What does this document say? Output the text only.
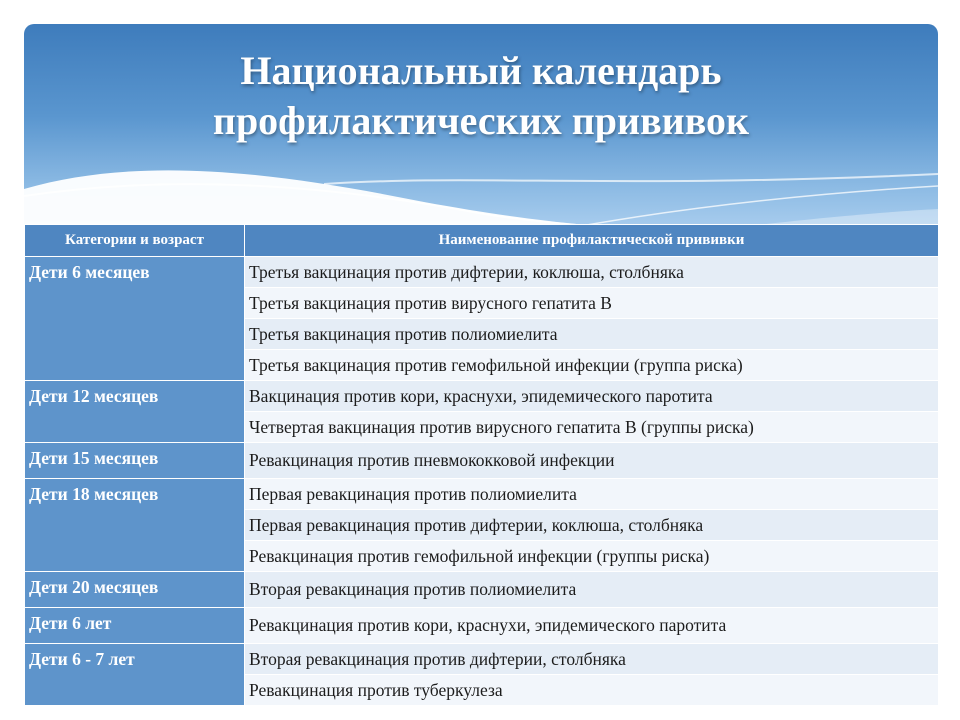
Национальный календарь
профилактических прививок
Категории и возраст	Наименование профилактической прививки
Дети 6 месяцев	Третья вакцинация против дифтерии, коклюша, столбняка
	Третья вакцинация против вирусного гепатита В
	Третья вакцинация против полиомиелита
	Третья вакцинация против гемофильной инфекции (группа риска)
Дети 12 месяцев	Вакцинация против кори, краснухи, эпидемического паротита
	Четвертая вакцинация против вирусного гепатита В (группы риска)
Дети 15 месяцев	Ревакцинация против пневмококковой инфекции
Дети 18 месяцев	Первая ревакцинация против полиомиелита
	Первая ревакцинация против дифтерии, коклюша, столбняка
	Ревакцинация против гемофильной инфекции (группы риска)
Дети 20 месяцев	Вторая ревакцинация против полиомиелита
Дети 6 лет	Ревакцинация против кори, краснухи, эпидемического паротита
Дети 6 - 7 лет	Вторая ревакцинация против дифтерии, столбняка
	Ревакцинация против туберкулеза
